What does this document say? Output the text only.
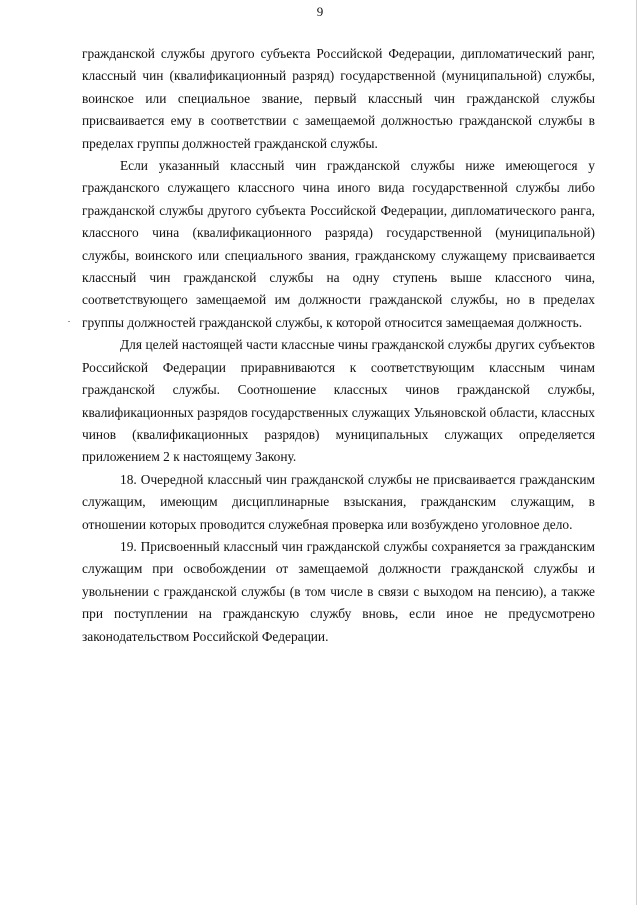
9

гражданской службы другого субъекта Российской Федерации, дипломатический ранг, классный чин (квалификационный разряд) государственной (муниципальной) службы, воинское или специальное звание, первый классный чин гражданской службы присваивается ему в соответствии с замещаемой должностью гражданской службы в пределах группы должностей гражданской службы.

Если указанный классный чин гражданской службы ниже имеющегося у гражданского служащего классного чина иного вида государственной службы либо гражданской службы другого субъекта Российской Федерации, дипломатического ранга, классного чина (квалификационного разряда) государственной (муниципальной) службы, воинского или специального звания, гражданскому служащему присваивается классный чин гражданской службы на одну ступень выше классного чина, соответствующего замещаемой им должности гражданской службы, но в пределах группы должностей гражданской службы, к которой относится замещаемая должность.

Для целей настоящей части классные чины гражданской службы других субъектов Российской Федерации приравниваются к соответствующим классным чинам гражданской службы. Соотношение классных чинов гражданской службы, квалификационных разрядов государственных служащих Ульяновской области, классных чинов (квалификационных разрядов) муниципальных служащих определяется приложением 2 к настоящему Закону.

18. Очередной классный чин гражданской службы не присваивается гражданским служащим, имеющим дисциплинарные взыскания, гражданским служащим, в отношении которых проводится служебная проверка или возбуждено уголовное дело.

19. Присвоенный классный чин гражданской службы сохраняется за гражданским служащим при освобождении от замещаемой должности гражданской службы и увольнении с гражданской службы (в том числе в связи с выходом на пенсию), а также при поступлении на гражданскую службу вновь, если иное не предусмотрено законодательством Российской Федерации.
